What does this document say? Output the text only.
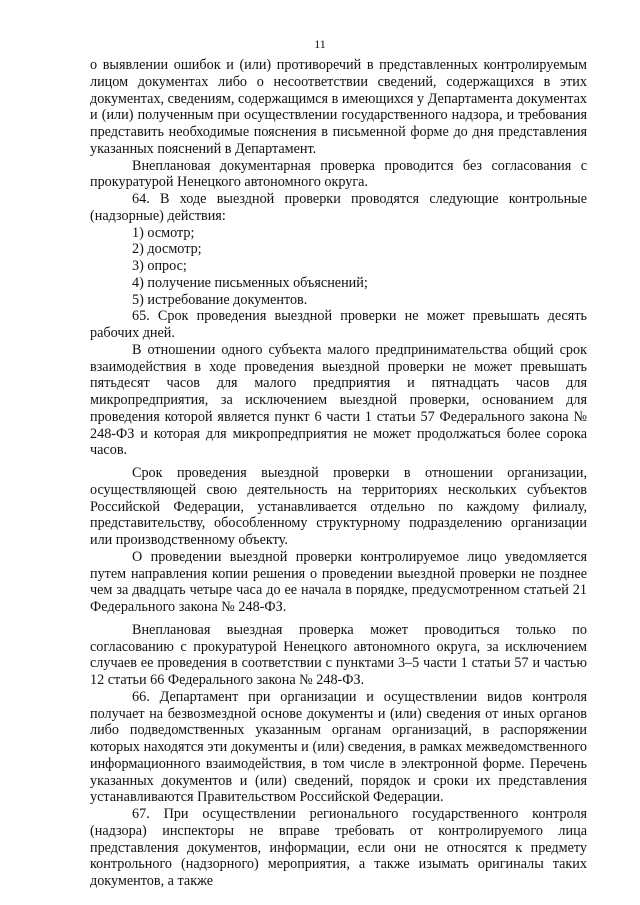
11

о выявлении ошибок и (или) противоречий в представленных контролируемым лицом документах либо о несоответствии сведений, содержащихся в этих документах, сведениям, содержащимся в имеющихся у Департамента документах и (или) полученным при осуществлении государственного надзора, и требования представить необходимые пояснения в письменной форме до дня представления указанных пояснений в Департамент.

Внеплановая документарная проверка проводится без согласования с прокуратурой Ненецкого автономного округа.

64. В ходе выездной проверки проводятся следующие контрольные (надзорные) действия:

1) осмотр;

2) досмотр;

3) опрос;

4) получение письменных объяснений;

5) истребование документов.

65. Срок проведения выездной проверки не может превышать десять рабочих дней.

В отношении одного субъекта малого предпринимательства общий срок взаимодействия в ходе проведения выездной проверки не может превышать пятьдесят часов для малого предприятия и пятнадцать часов для микропредприятия, за исключением выездной проверки, основанием для проведения которой является пункт 6 части 1 статьи 57 Федерального закона № 248-ФЗ и которая для микропредприятия не может продолжаться более сорока часов.

Срок проведения выездной проверки в отношении организации, осуществляющей свою деятельность на территориях нескольких субъектов Российской Федерации, устанавливается отдельно по каждому филиалу, представительству, обособленному структурному подразделению организации или производственному объекту.

О проведении выездной проверки контролируемое лицо уведомляется путем направления копии решения о проведении выездной проверки не позднее чем за двадцать четыре часа до ее начала в порядке, предусмотренном статьей 21 Федерального закона № 248-ФЗ.

Внеплановая выездная проверка может проводиться только по согласованию с прокуратурой Ненецкого автономного округа, за исключением случаев ее проведения в соответствии с пунктами 3–5 части 1 статьи 57 и частью 12 статьи 66 Федерального закона № 248-ФЗ.

66. Департамент при организации и осуществлении видов контроля получает на безвозмездной основе документы и (или) сведения от иных органов либо подведомственных указанным органам организаций, в распоряжении которых находятся эти документы и (или) сведения, в рамках межведомственного информационного взаимодействия, в том числе в электронной форме. Перечень указанных документов и (или) сведений, порядок и сроки их представления устанавливаются Правительством Российской Федерации.

67. При осуществлении регионального государственного контроля (надзора) инспекторы не вправе требовать от контролируемого лица представления документов, информации, если они не относятся к предмету контрольного (надзорного) мероприятия, а также изымать оригиналы таких документов, а также
